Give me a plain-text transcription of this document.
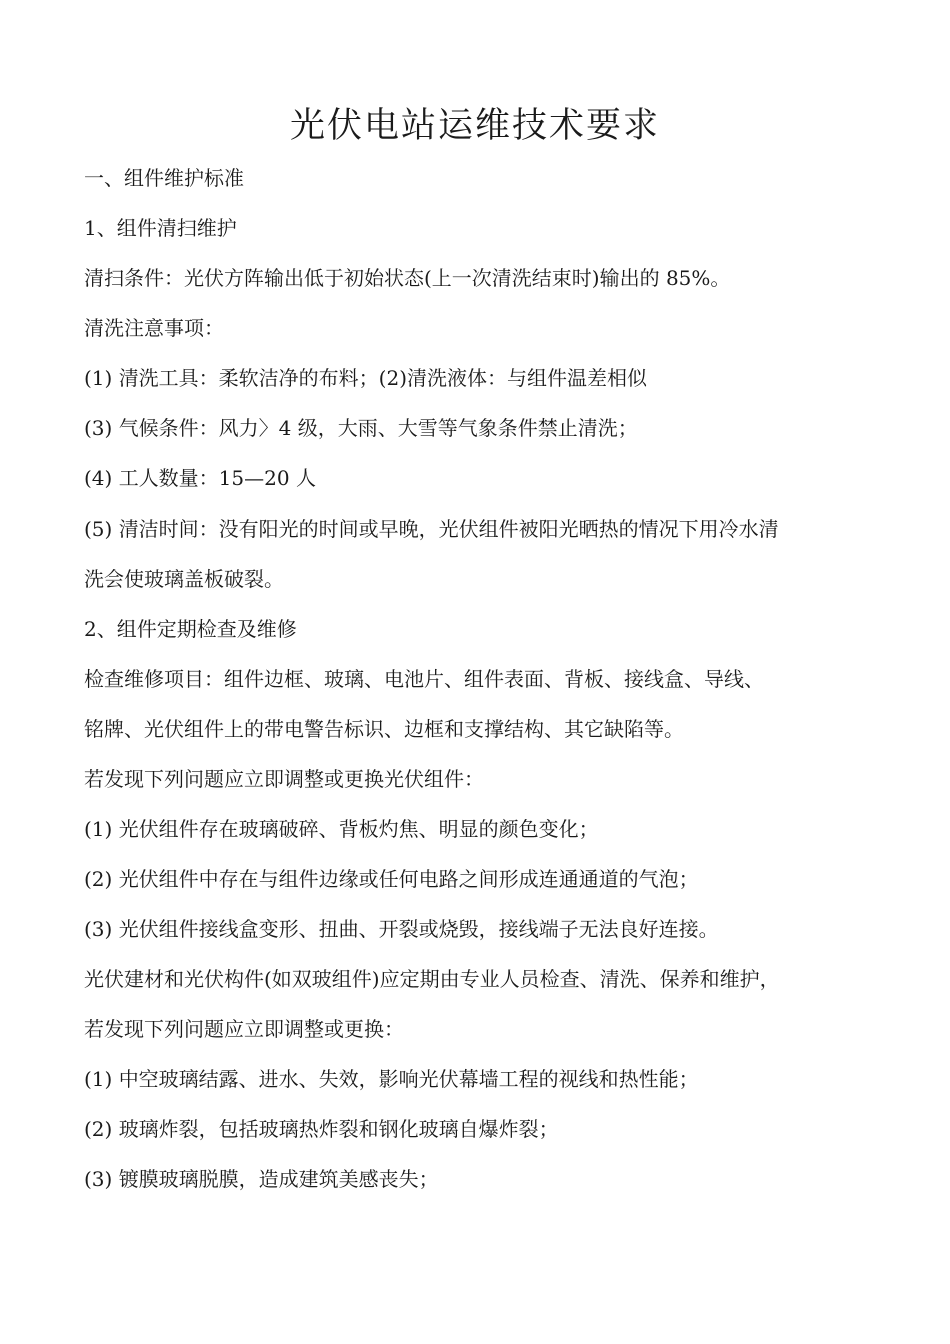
光伏电站运维技术要求

一、组件维护标准

1、组件清扫维护

清扫条件：光伏方阵输出低于初始状态(上一次清洗结束时)输出的 85%。

清洗注意事项：

(1) 清洗工具：柔软洁净的布料；(2)清洗液体：与组件温差相似

(3) 气候条件：风力〉4 级，大雨、大雪等气象条件禁止清洗；

(4) 工人数量：15—20 人

(5) 清洁时间：没有阳光的时间或早晚，光伏组件被阳光晒热的情况下用冷水清

洗会使玻璃盖板破裂。

2、组件定期检查及维修

检查维修项目：组件边框、玻璃、电池片、组件表面、背板、接线盒、导线、

铭牌、光伏组件上的带电警告标识、边框和支撑结构、其它缺陷等。

若发现下列问题应立即调整或更换光伏组件：

(1) 光伏组件存在玻璃破碎、背板灼焦、明显的颜色变化；

(2) 光伏组件中存在与组件边缘或任何电路之间形成连通通道的气泡；

(3) 光伏组件接线盒变形、扭曲、开裂或烧毁，接线端子无法良好连接。

光伏建材和光伏构件(如双玻组件)应定期由专业人员检查、清洗、保养和维护，

若发现下列问题应立即调整或更换：

(1) 中空玻璃结露、进水、失效，影响光伏幕墙工程的视线和热性能；

(2) 玻璃炸裂，包括玻璃热炸裂和钢化玻璃自爆炸裂；

(3) 镀膜玻璃脱膜，造成建筑美感丧失；
